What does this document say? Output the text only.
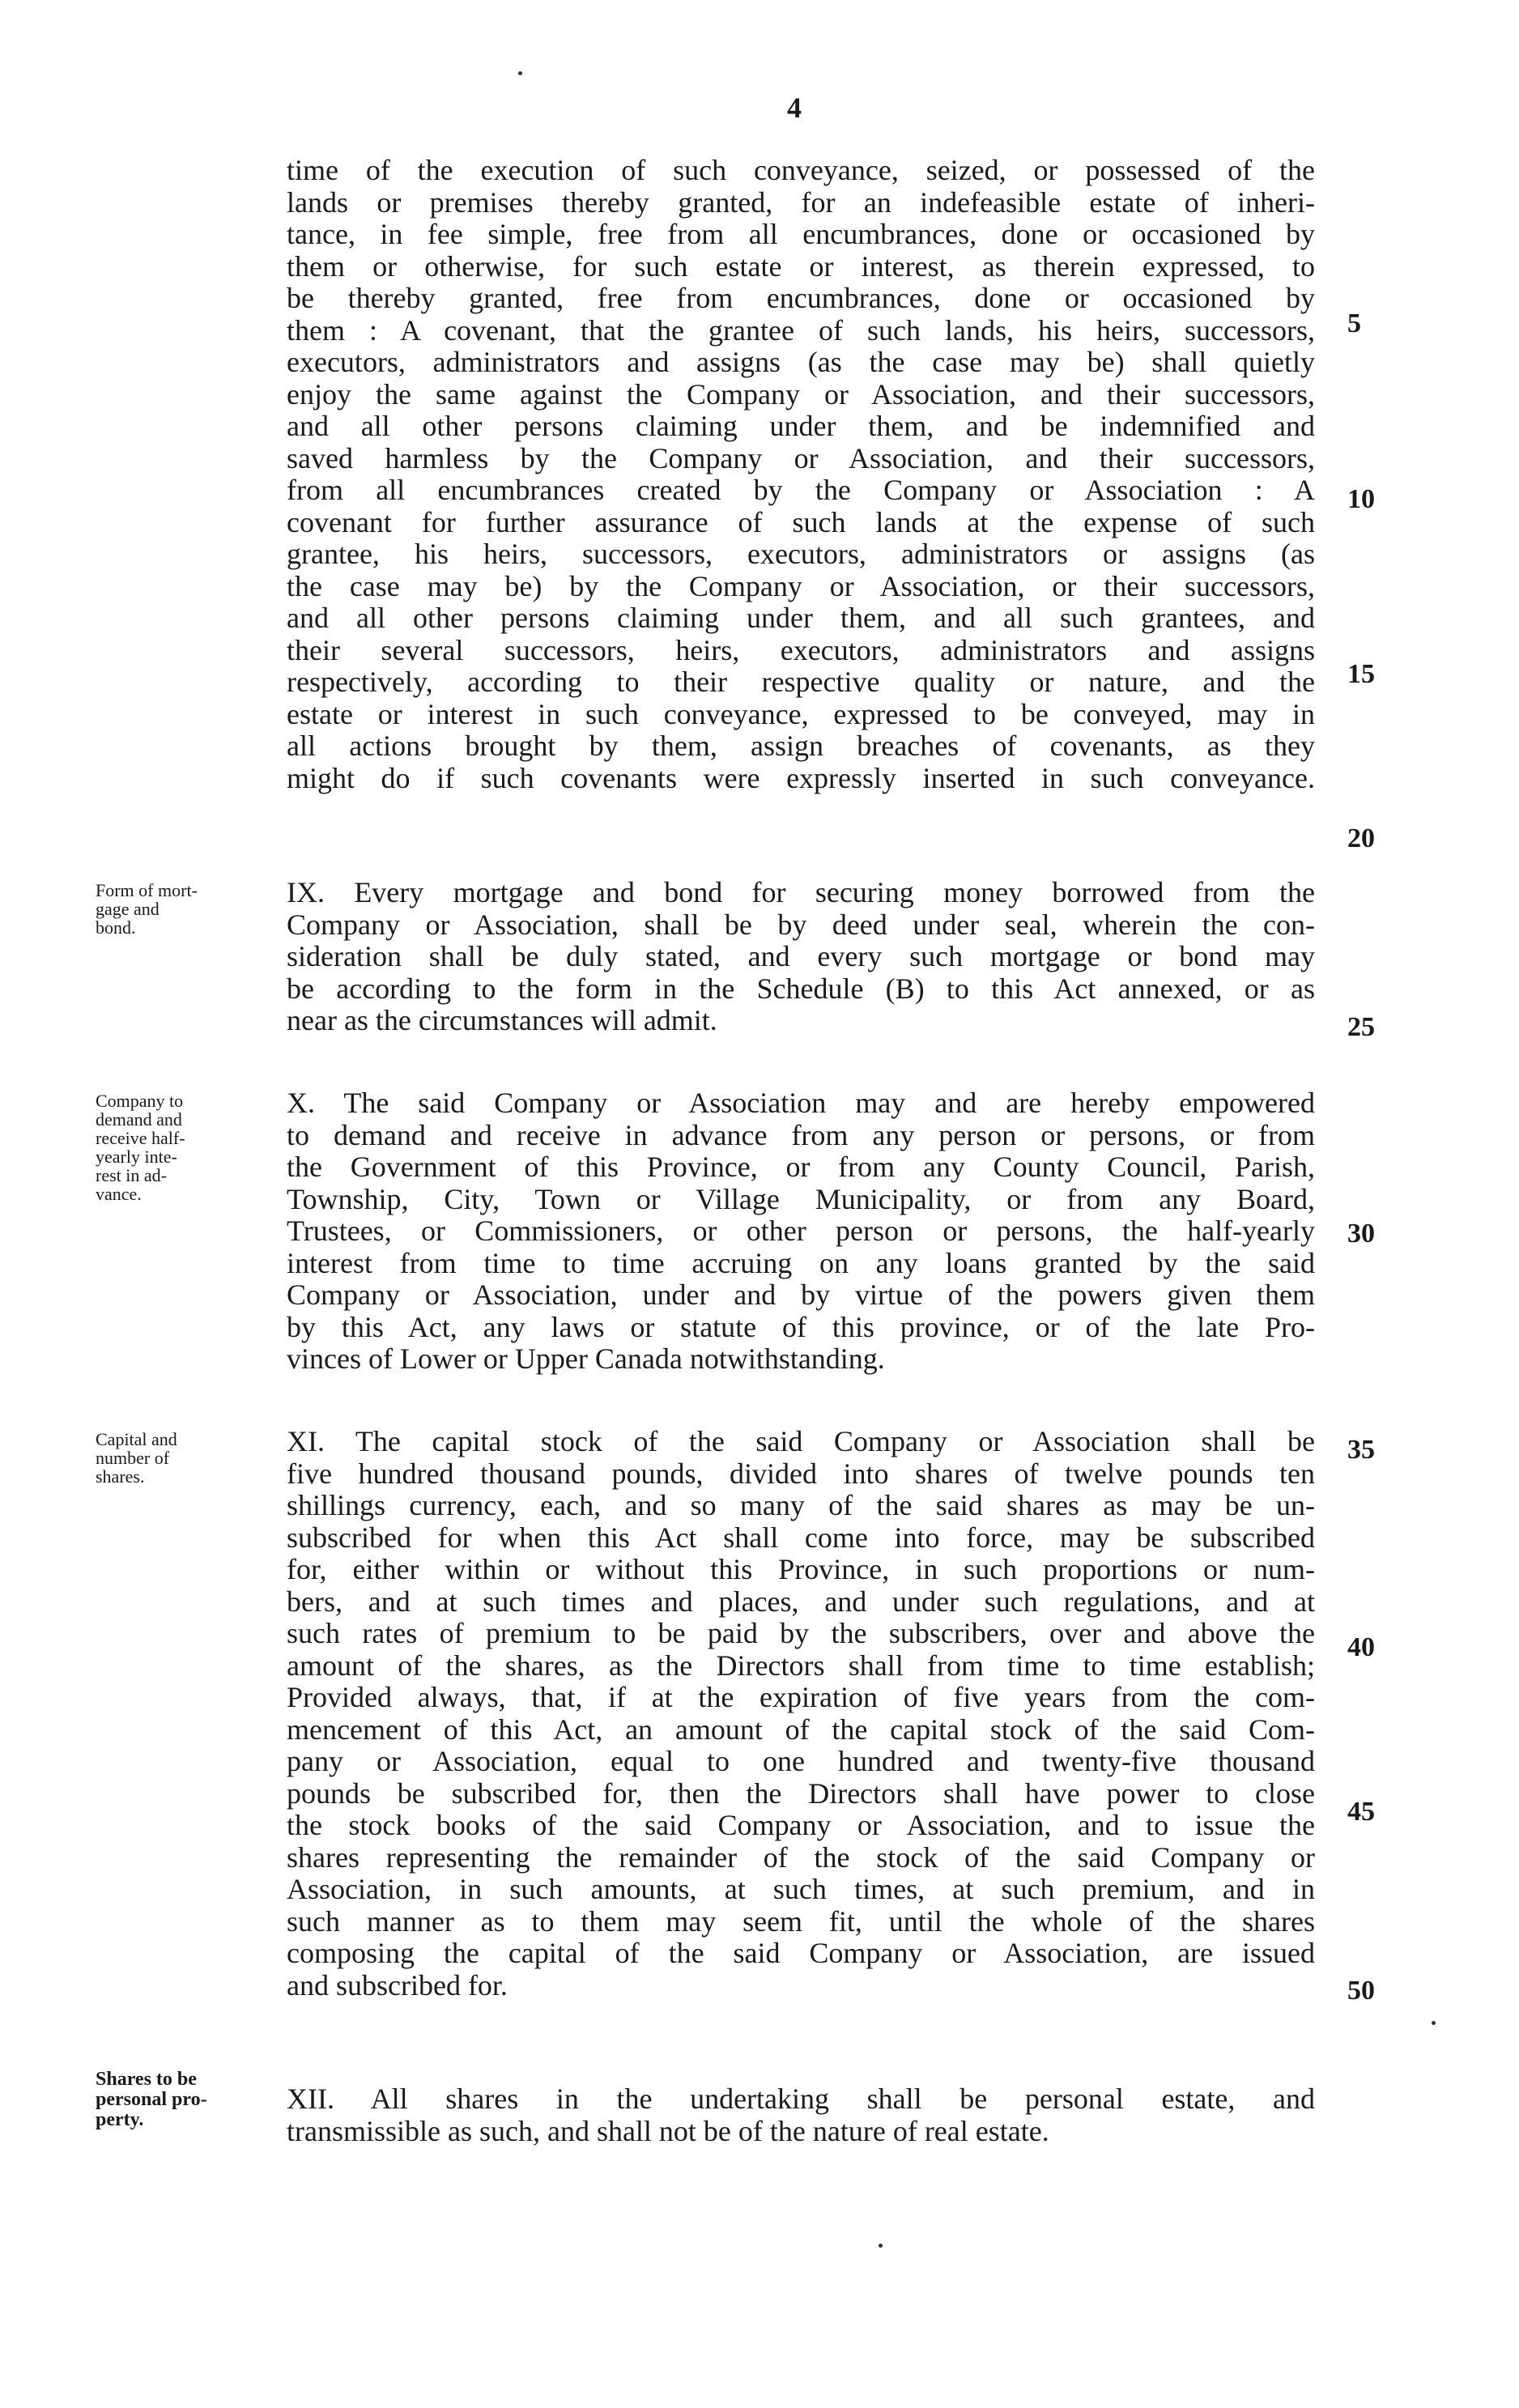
4
time of the execution of such conveyance, seized, or possessed of the
lands or premises thereby granted, for an indefeasible estate of inheri-
tance, in fee simple, free from all encumbrances, done or occasioned by
them or otherwise, for such estate or interest, as therein expressed, to
be thereby granted, free from encumbrances, done or occasioned by
them : A covenant, that the grantee of such lands, his heirs, successors,
executors, administrators and assigns (as the case may be) shall quietly
enjoy the same against the Company or Association, and their successors,
and all other persons claiming under them, and be indemnified and
saved harmless by the Company or Association, and their successors,
from all encumbrances created by the Company or Association : A
covenant for further assurance of such lands at the expense of such
grantee, his heirs, successors, executors, administrators or assigns (as
the case may be) by the Company or Association, or their successors,
and all other persons claiming under them, and all such grantees, and
their several successors, heirs, executors, administrators and assigns
respectively, according to their respective quality or nature, and the
estate or interest in such conveyance, expressed to be conveyed, may in
all actions brought by them, assign breaches of covenants, as they
might do if such covenants were expressly inserted in such conveyance.
Form of mort-
gage and
bond.
IX. Every mortgage and bond for securing money borrowed from the
Company or Association, shall be by deed under seal, wherein the con-
sideration shall be duly stated, and every such mortgage or bond may
be according to the form in the Schedule (B) to this Act annexed, or as
near as the circumstances will admit.
Company to
demand and
receive half-
yearly inte-
rest in ad-
vance.
X. The said Company or Association may and are hereby empowered
to demand and receive in advance from any person or persons, or from
the Government of this Province, or from any County Council, Parish,
Township, City, Town or Village Municipality, or from any Board,
Trustees, or Commissioners, or other person or persons, the half-yearly
interest from time to time accruing on any loans granted by the said
Company or Association, under and by virtue of the powers given them
by this Act, any laws or statute of this province, or of the late Pro-
vinces of Lower or Upper Canada notwithstanding.
Capital and
number of
shares.
XI. The capital stock of the said Company or Association shall be
five hundred thousand pounds, divided into shares of twelve pounds ten
shillings currency, each, and so many of the said shares as may be un-
subscribed for when this Act shall come into force, may be subscribed
for, either within or without this Province, in such proportions or num-
bers, and at such times and places, and under such regulations, and at
such rates of premium to be paid by the subscribers, over and above the
amount of the shares, as the Directors shall from time to time establish;
Provided always, that, if at the expiration of five years from the com-
mencement of this Act, an amount of the capital stock of the said Com-
pany or Association, equal to one hundred and twenty-five thousand
pounds be subscribed for, then the Directors shall have power to close
the stock books of the said Company or Association, and to issue the
shares representing the remainder of the stock of the said Company or
Association, in such amounts, at such times, at such premium, and in
such manner as to them may seem fit, until the whole of the shares
composing the capital of the said Company or Association, are issued
and subscribed for.
Shares to be
personal pro-
perty.
XII. All shares in the undertaking shall be personal estate, and
transmissible as such, and shall not be of the nature of real estate.
5
10
15
20
25
30
35
40
45
50
